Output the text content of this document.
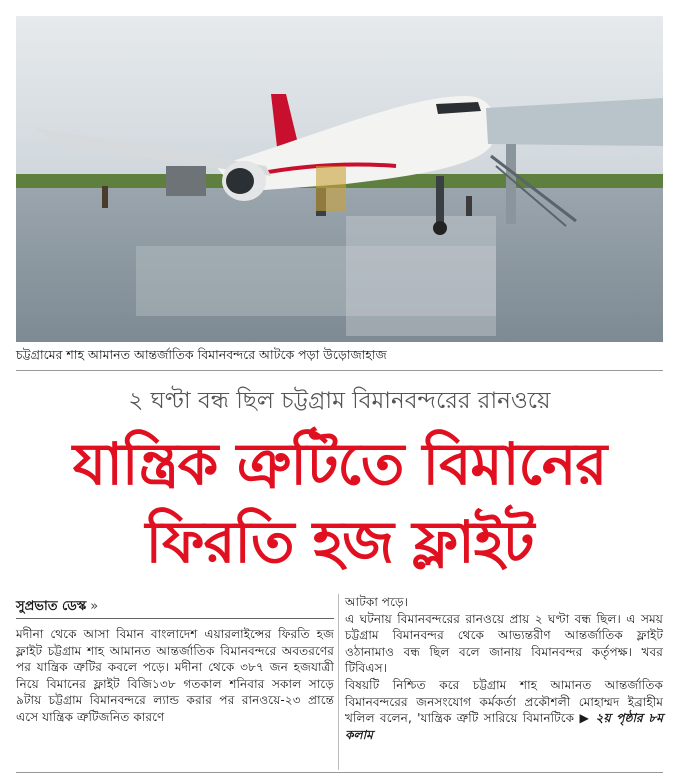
চট্টগ্রামের শাহ আমানত আন্তর্জাতিক বিমানবন্দরে আটকে পড়া উড়োজাহাজ
২ ঘণ্টা বন্ধ ছিল চট্টগ্রাম বিমানবন্দরের রানওয়ে
যান্ত্রিক ত্রুটিতে বিমানের
ফিরতি হজ ফ্লাইট
সুপ্রভাত ডেস্ক »

মদীনা থেকে আসা বিমান বাংলাদেশ এয়ারলাইন্সের ফিরতি হজ ফ্লাইট চট্টগ্রাম শাহ আমানত আন্তর্জাতিক বিমানবন্দরে অবতরণের পর যান্ত্রিক ত্রুটির কবলে পড়ে। মদীনা থেকে ৩৮৭ জন হজযাত্রী নিয়ে বিমানের ফ্লাইট বিজি১৩৮ গতকাল শনিবার সকাল সাড়ে ৯টায় চট্টগ্রাম বিমানবন্দরে ল্যান্ড করার পর রানওয়ে-২৩ প্রান্তে এসে যান্ত্রিক ত্রুটিজনিত কারণে

আটকা পড়ে।

এ ঘটনায় বিমানবন্দরের রানওয়ে প্রায় ২ ঘণ্টা বন্ধ ছিল। এ সময় চট্টগ্রাম বিমানবন্দর থেকে আভ্যন্তরীণ আন্তর্জাতিক ফ্লাইট ওঠানামাও বন্ধ ছিল বলে জানায় বিমানবন্দর কর্তৃপক্ষ। খবর টিবিএস।

বিষয়টি নিশ্চিত করে চট্টগ্রাম শাহ আমানত আন্তর্জাতিক বিমানবন্দরের জনসংযোগ কর্মকর্তা প্রকৌশলী মোহাম্মদ ইব্রাহীম খলিল বলেন, 'যান্ত্রিক ত্রুটি সারিয়ে বিমানটিকে ▶ ২য় পৃষ্ঠার ৮ম কলাম
